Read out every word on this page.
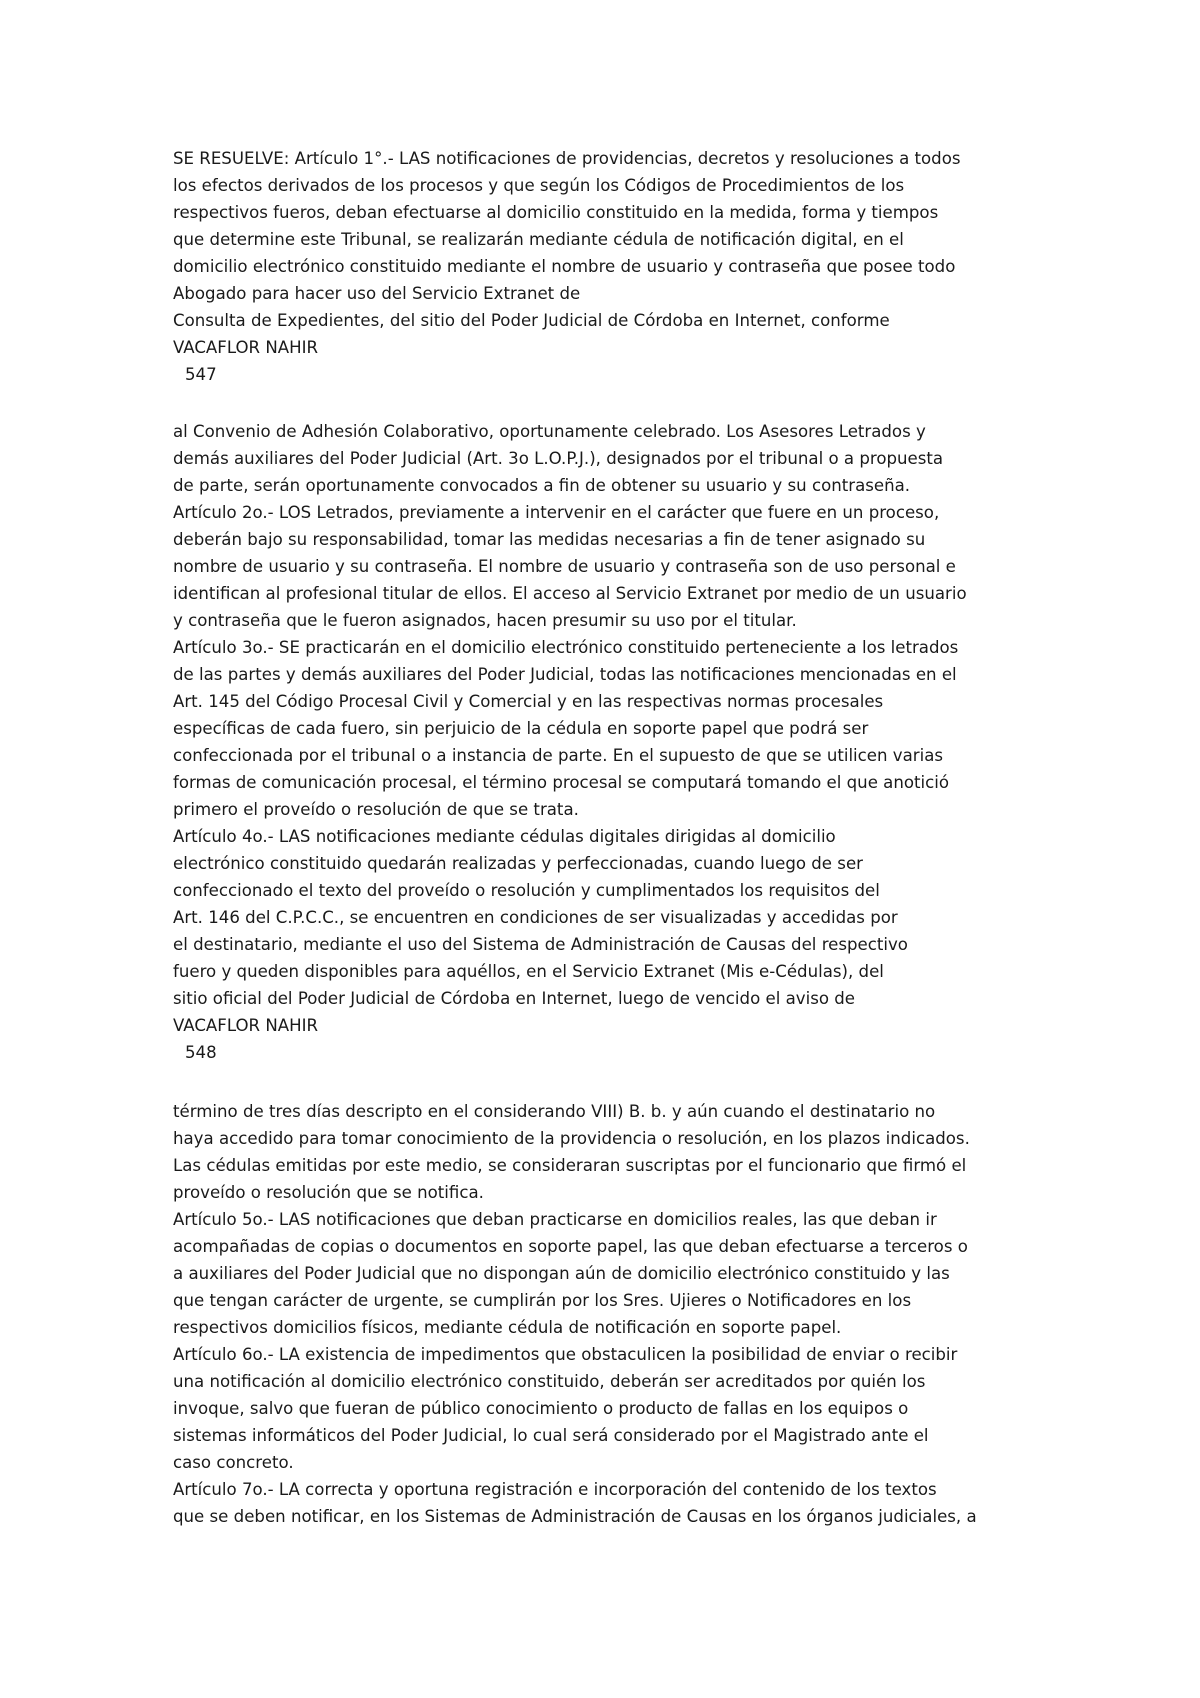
SE RESUELVE: Artículo 1°.- LAS notificaciones de providencias, decretos y resoluciones a todos
los efectos derivados de los procesos y que según los Códigos de Procedimientos de los
respectivos fueros, deban efectuarse al domicilio constituido en la medida, forma y tiempos
que determine este Tribunal, se realizarán mediante cédula de notificación digital, en el
domicilio electrónico constituido mediante el nombre de usuario y contraseña que posee todo
Abogado para hacer uso del Servicio Extranet de
Consulta de Expedientes, del sitio del Poder Judicial de Córdoba en Internet, conforme
VACAFLOR NAHIR
547
al Convenio de Adhesión Colaborativo, oportunamente celebrado. Los Asesores Letrados y
demás auxiliares del Poder Judicial (Art. 3o L.O.P.J.), designados por el tribunal o a propuesta
de parte, serán oportunamente convocados a fin de obtener su usuario y su contraseña.
Artículo 2o.- LOS Letrados, previamente a intervenir en el carácter que fuere en un proceso,
deberán bajo su responsabilidad, tomar las medidas necesarias a fin de tener asignado su
nombre de usuario y su contraseña. El nombre de usuario y contraseña son de uso personal e
identifican al profesional titular de ellos. El acceso al Servicio Extranet por medio de un usuario
y contraseña que le fueron asignados, hacen presumir su uso por el titular.
Artículo 3o.- SE practicarán en el domicilio electrónico constituido perteneciente a los letrados
de las partes y demás auxiliares del Poder Judicial, todas las notificaciones mencionadas en el
Art. 145 del Código Procesal Civil y Comercial y en las respectivas normas procesales
específicas de cada fuero, sin perjuicio de la cédula en soporte papel que podrá ser
confeccionada por el tribunal o a instancia de parte. En el supuesto de que se utilicen varias
formas de comunicación procesal, el término procesal se computará tomando el que anotició
primero el proveído o resolución de que se trata.
Artículo 4o.- LAS notificaciones mediante cédulas digitales dirigidas al domicilio
electrónico constituido quedarán realizadas y perfeccionadas, cuando luego de ser
confeccionado el texto del proveído o resolución y cumplimentados los requisitos del
Art. 146 del C.P.C.C., se encuentren en condiciones de ser visualizadas y accedidas por
el destinatario, mediante el uso del Sistema de Administración de Causas del respectivo
fuero y queden disponibles para aquéllos, en el Servicio Extranet (Mis e-Cédulas), del
sitio oficial del Poder Judicial de Córdoba en Internet, luego de vencido el aviso de
VACAFLOR NAHIR
548
término de tres días descripto en el considerando VIII) B. b. y aún cuando el destinatario no
haya accedido para tomar conocimiento de la providencia o resolución, en los plazos indicados.
Las cédulas emitidas por este medio, se consideraran suscriptas por el funcionario que firmó el
proveído o resolución que se notifica.
Artículo 5o.- LAS notificaciones que deban practicarse en domicilios reales, las que deban ir
acompañadas de copias o documentos en soporte papel, las que deban efectuarse a terceros o
a auxiliares del Poder Judicial que no dispongan aún de domicilio electrónico constituido y las
que tengan carácter de urgente, se cumplirán por los Sres. Ujieres o Notificadores en los
respectivos domicilios físicos, mediante cédula de notificación en soporte papel.
Artículo 6o.- LA existencia de impedimentos que obstaculicen la posibilidad de enviar o recibir
una notificación al domicilio electrónico constituido, deberán ser acreditados por quién los
invoque, salvo que fueran de público conocimiento o producto de fallas en los equipos o
sistemas informáticos del Poder Judicial, lo cual será considerado por el Magistrado ante el
caso concreto.
Artículo 7o.- LA correcta y oportuna registración e incorporación del contenido de los textos
que se deben notificar, en los Sistemas de Administración de Causas en los órganos judiciales, a
